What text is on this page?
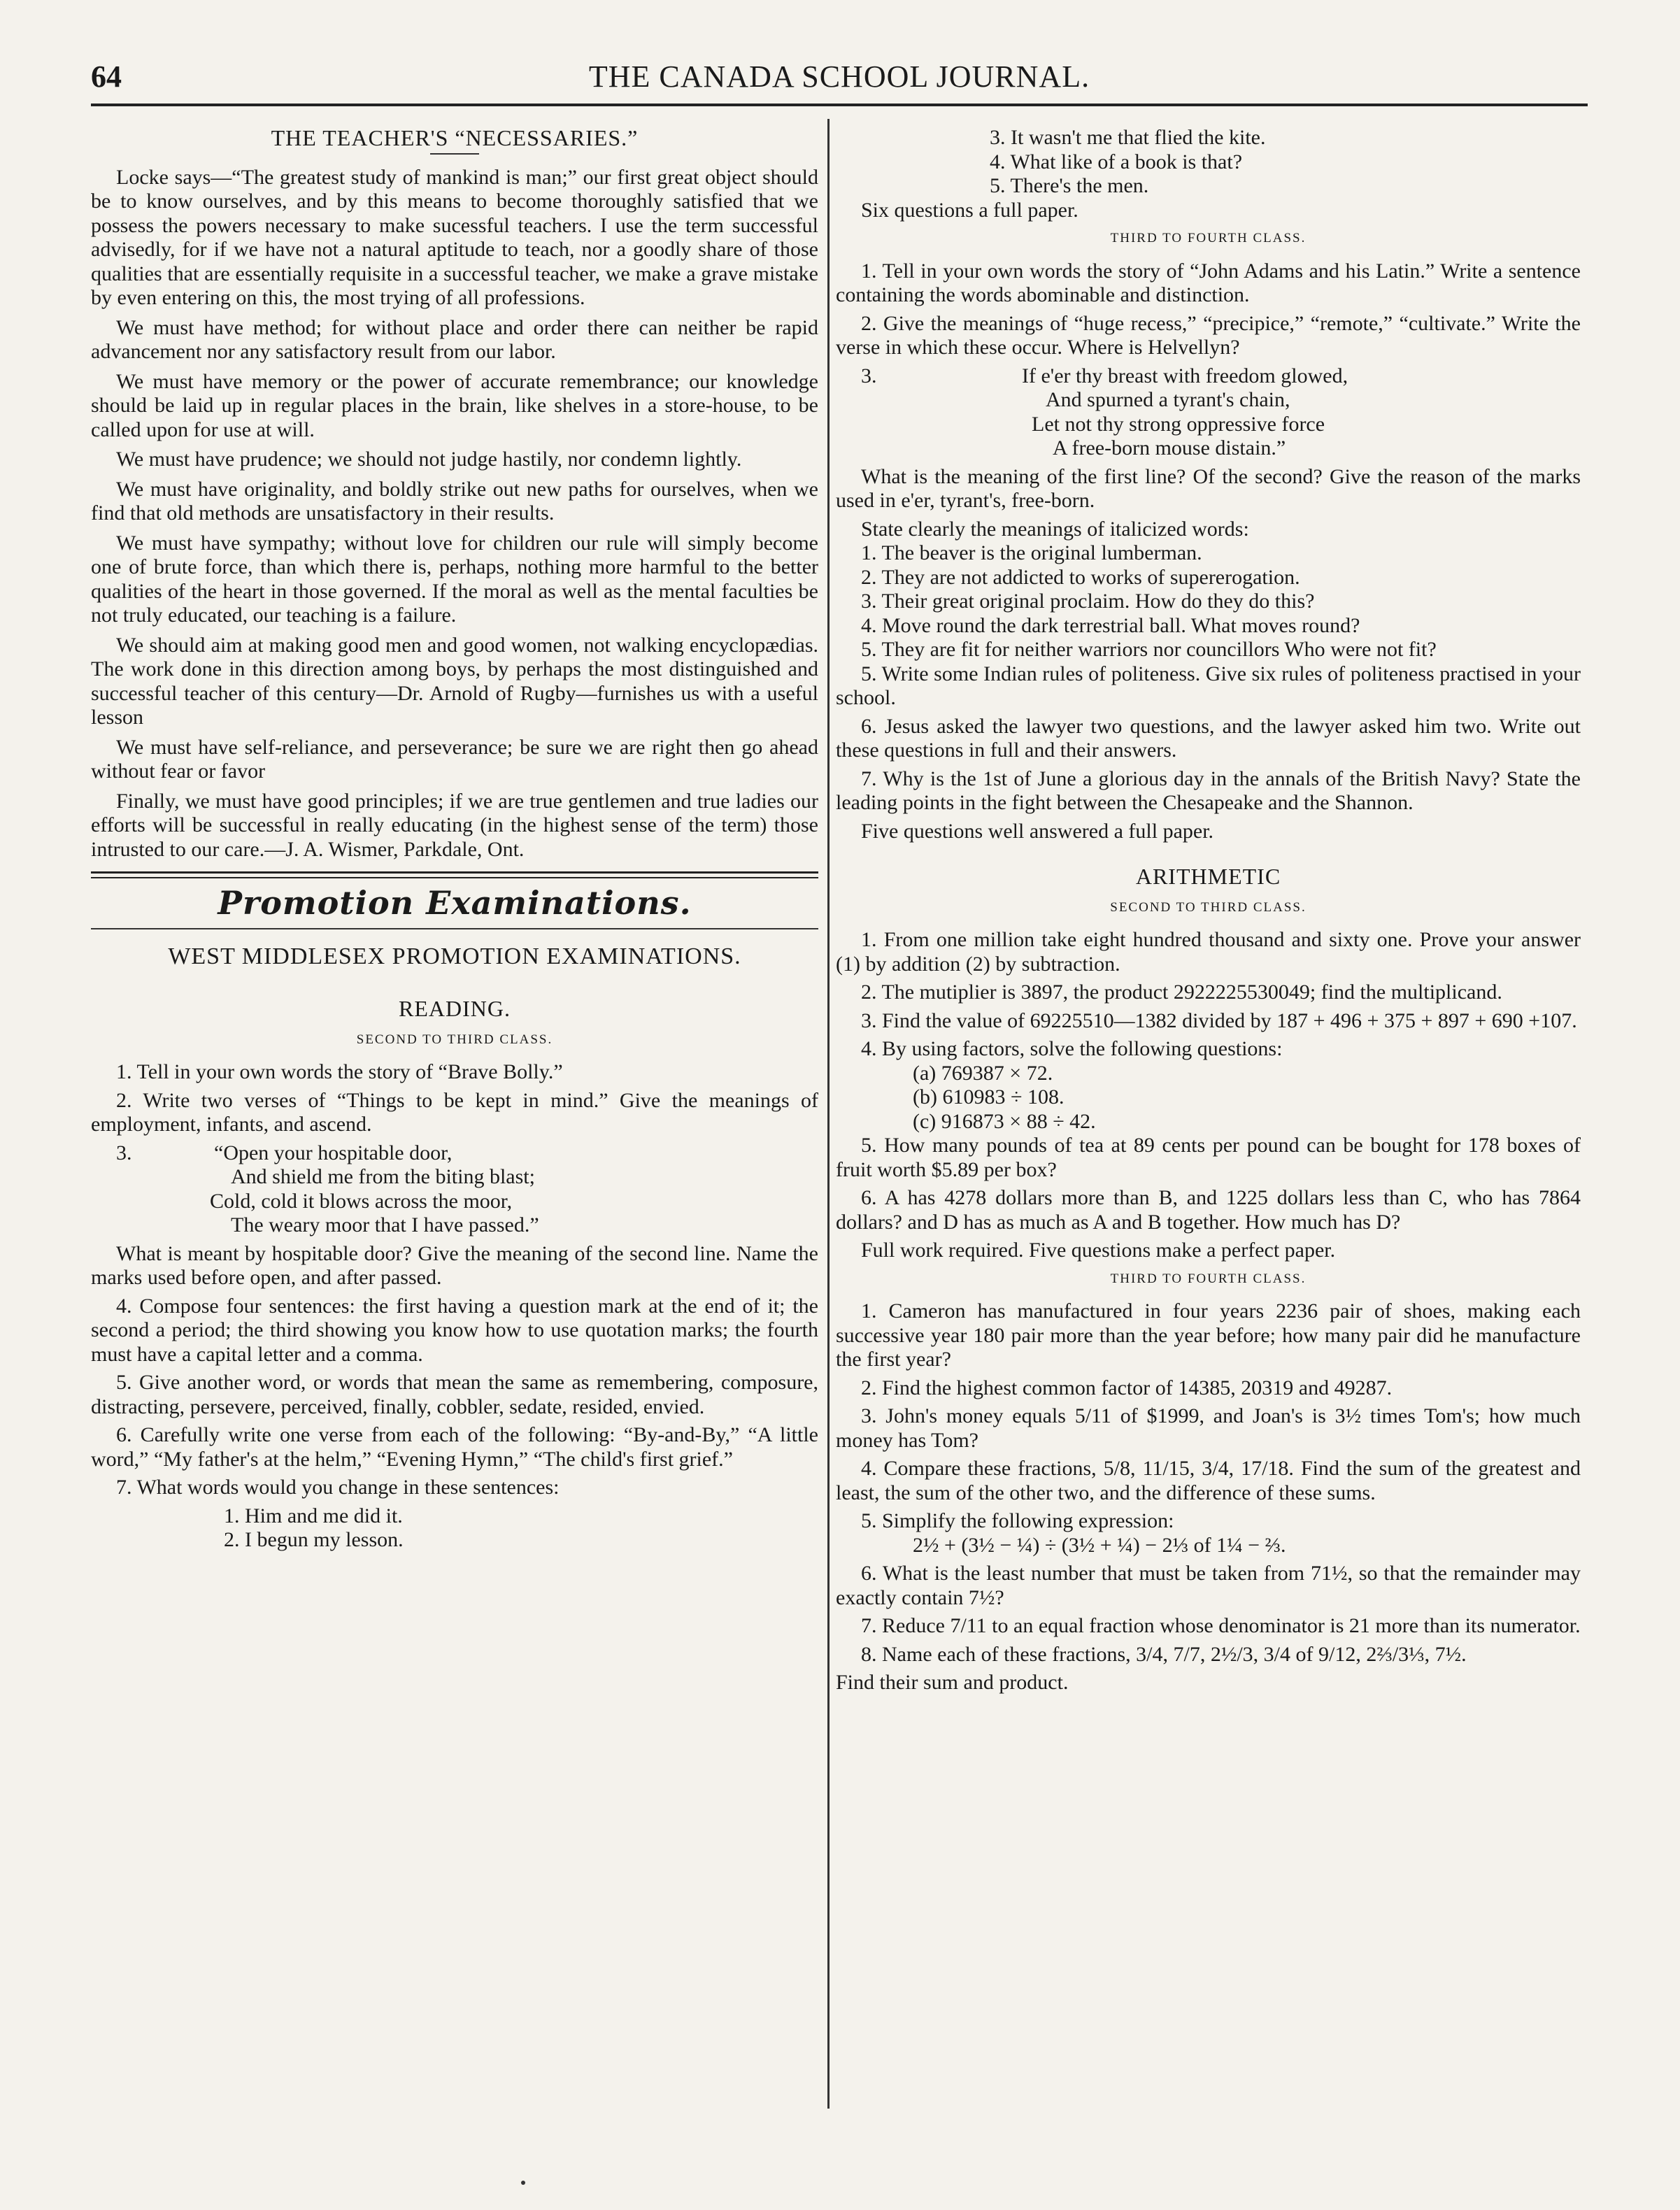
64	THE CANADA SCHOOL JOURNAL.
THE TEACHER'S “NECESSARIES.”

Locke says—“The greatest study of mankind is man;” our first great object should be to know ourselves, and by this means to become thoroughly satisfied that we possess the powers necessary to make sucessful teachers. I use the term successful advisedly, for if we have not a natural aptitude to teach, nor a goodly share of those qualities that are essentially requisite in a successful teacher, we make a grave mistake by even entering on this, the most trying of all professions.

We must have method; for without place and order there can neither be rapid advancement nor any satisfactory result from our labor.

We must have memory or the power of accurate remembrance; our knowledge should be laid up in regular places in the brain, like shelves in a store-house, to be called upon for use at will.

We must have prudence; we should not judge hastily, nor condemn lightly.

We must have originality, and boldly strike out new paths for ourselves, when we find that old methods are unsatisfactory in their results.

We must have sympathy; without love for children our rule will simply become one of brute force, than which there is, perhaps, nothing more harmful to the better qualities of the heart in those governed. If the moral as well as the mental faculties be not truly educated, our teaching is a failure.

We should aim at making good men and good women, not walking encyclopædias. The work done in this direction among boys, by perhaps the most distinguished and successful teacher of this century—Dr. Arnold of Rugby—furnishes us with a useful lesson

We must have self-reliance, and perseverance; be sure we are right then go ahead without fear or favor

Finally, we must have good principles; if we are true gentlemen and true ladies our efforts will be successful in really educating (in the highest sense of the term) those intrusted to our care.—J. A. Wismer, Parkdale, Ont.

Promotion Examinations.
WEST MIDDLESEX PROMOTION EXAMINATIONS.
READING.
SECOND TO THIRD CLASS.

1. Tell in your own words the story of “Brave Bolly.”

2. Write two verses of “Things to be kept in mind.” Give the meanings of employment, infants, and ascend.

3.	“Open your hospitable door,
And shield me from the biting blast;
Cold, cold it blows across the moor,
The weary moor that I have passed.”

What is meant by hospitable door? Give the meaning of the second line. Name the marks used before open, and after passed.

4. Compose four sentences: the first having a question mark at the end of it; the second a period; the third showing you know how to use quotation marks; the fourth must have a capital letter and a comma.

5. Give another word, or words that mean the same as remembering, composure, distracting, persevere, perceived, finally, cobbler, sedate, resided, envied.

6. Carefully write one verse from each of the following: “By-and-By,” “A little word,” “My father's at the helm,” “Evening Hymn,” “The child's first grief.”

7. What words would you change in these sentences:

1. Him and me did it.
2. I begun my lesson.
3. It wasn't me that flied the kite.
4. What like of a book is that?
5. There's the men.

Six questions a full paper.

THIRD TO FOURTH CLASS.

1. Tell in your own words the story of “John Adams and his Latin.” Write a sentence containing the words abominable and distinction.

2. Give the meanings of “huge recess,” “precipice,” “remote,” “cultivate.” Write the verse in which these occur. Where is Helvellyn?

3.	If e'er thy breast with freedom glowed,
And spurned a tyrant's chain,
Let not thy strong oppressive force
A free-born mouse distain.”

What is the meaning of the first line? Of the second? Give the reason of the marks used in e'er, tyrant's, free-born.

State clearly the meanings of italicized words:

1. The beaver is the original lumberman.
2. They are not addicted to works of supererogation.
3. Their great original proclaim. How do they do this?
4. Move round the dark terrestrial ball. What moves round?
5. They are fit for neither warriors nor councillors Who were not fit?

5. Write some Indian rules of politeness. Give six rules of politeness practised in your school.

6. Jesus asked the lawyer two questions, and the lawyer asked him two. Write out these questions in full and their answers.

7. Why is the 1st of June a glorious day in the annals of the British Navy? State the leading points in the fight between the Chesapeake and the Shannon.

Five questions well answered a full paper.

ARITHMETIC
SECOND TO THIRD CLASS.

1. From one million take eight hundred thousand and sixty one. Prove your answer (1) by addition (2) by subtraction.

2. The mutiplier is 3897, the product 2922225530049; find the multiplicand.

3. Find the value of 69225510—1382 divided by 187 + 496 + 375 + 897 + 690 +107.

4. By using factors, solve the following questions:

(a) 769387 × 72.
(b) 610983 ÷ 108.
(c) 916873 × 88 ÷ 42.

5. How many pounds of tea at 89 cents per pound can be bought for 178 boxes of fruit worth $5.89 per box?

6. A has 4278 dollars more than B, and 1225 dollars less than C, who has 7864 dollars? and D has as much as A and B together. How much has D?

Full work required. Five questions make a perfect paper.

THIRD TO FOURTH CLASS.

1. Cameron has manufactured in four years 2236 pair of shoes, making each successive year 180 pair more than the year before; how many pair did he manufacture the first year?

2. Find the highest common factor of 14385, 20319 and 49287.

3. John's money equals 5/11 of $1999, and Joan's is 3½ times Tom's; how much money has Tom?

4. Compare these fractions, 5/8, 11/15, 3/4, 17/18. Find the sum of the greatest and least, the sum of the other two, and the difference of these sums.

5. Simplify the following expression:

2½ + (3½ − ¼) ÷ (3½ + ¼) − 2⅓ of 1¼ − ⅔.

6. What is the least number that must be taken from 71½, so that the remainder may exactly contain 7½?

7. Reduce 7/11 to an equal fraction whose denominator is 21 more than its numerator.

8. Name each of these fractions, 3/4, 7/7, 2½/3, 3/4 of 9/12, 2⅔/3⅓, 7½.

Find their sum and product.
